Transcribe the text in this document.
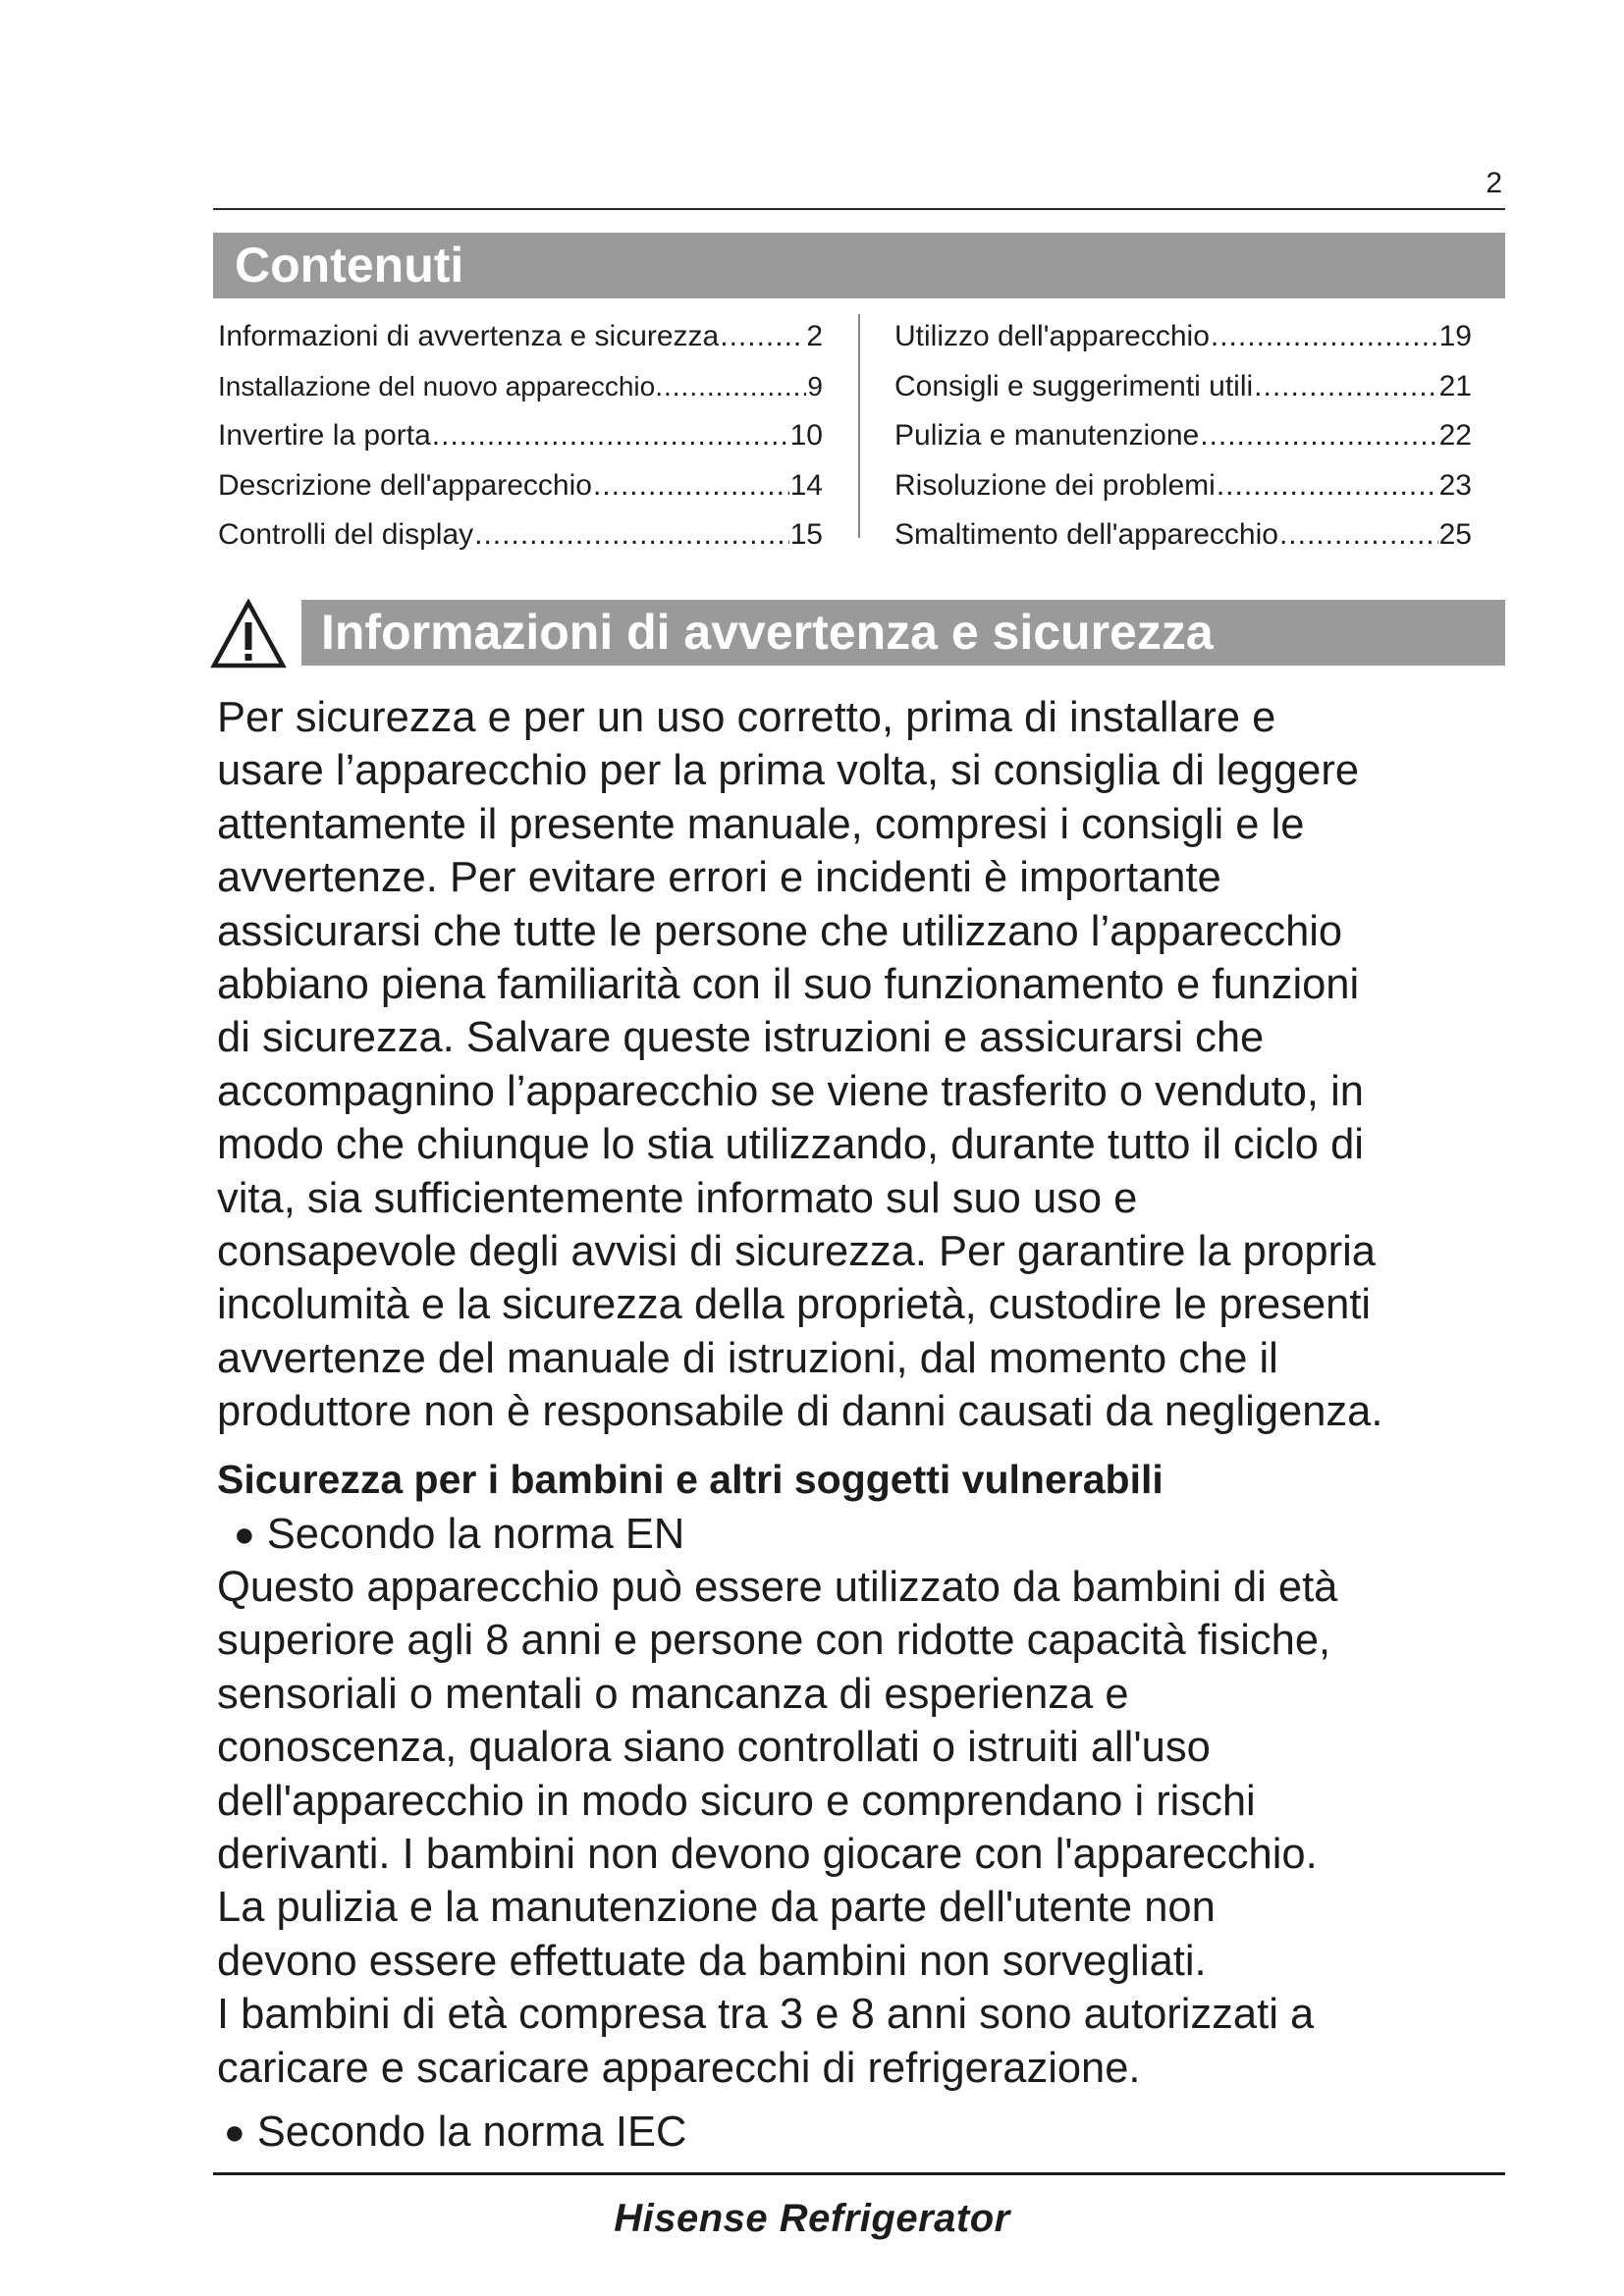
2
Contenuti
Informazioni di avvertenza e sicurezza .....	2
Installazione del nuovo apparecchio. .....	9
Invertire la porta .....	10
Descrizione dell'apparecchio .....	14
Controlli del display .....	15
Utilizzo dell'apparecchio .....	19
Consigli e suggerimenti utili .....	21
Pulizia e manutenzione .....	22
Risoluzione dei problemi .....	23
Smaltimento dell'apparecchio .....	25
Informazioni di avvertenza e sicurezza
Per sicurezza e per un uso corretto, prima di installare e
usare l’apparecchio per la prima volta, si consiglia di leggere
attentamente il presente manuale, compresi i consigli e le
avvertenze. Per evitare errori e incidenti è importante
assicurarsi che tutte le persone che utilizzano l’apparecchio
abbiano piena familiarità con il suo funzionamento e funzioni
di sicurezza. Salvare queste istruzioni e assicurarsi che
accompagnino l’apparecchio se viene trasferito o venduto, in
modo che chiunque lo stia utilizzando, durante tutto il ciclo di
vita, sia sufficientemente informato sul suo uso e
consapevole degli avvisi di sicurezza. Per garantire la propria
incolumità e la sicurezza della proprietà, custodire le presenti
avvertenze del manuale di istruzioni, dal momento che il
produttore non è responsabile di danni causati da negligenza.
Sicurezza per i bambini e altri soggetti vulnerabili
● Secondo la norma EN
Questo apparecchio può essere utilizzato da bambini di età
superiore agli 8 anni e persone con ridotte capacità fisiche,
sensoriali o mentali o mancanza di esperienza e
conoscenza, qualora siano controllati o istruiti all'uso
dell'apparecchio in modo sicuro e comprendano i rischi
derivanti. I bambini non devono giocare con l'apparecchio.
La pulizia e la manutenzione da parte dell'utente non
devono essere effettuate da bambini non sorvegliati.
I bambini di età compresa tra 3 e 8 anni sono autorizzati a
caricare e scaricare apparecchi di refrigerazione.
● Secondo la norma IEC
Hisense Refrigerator
